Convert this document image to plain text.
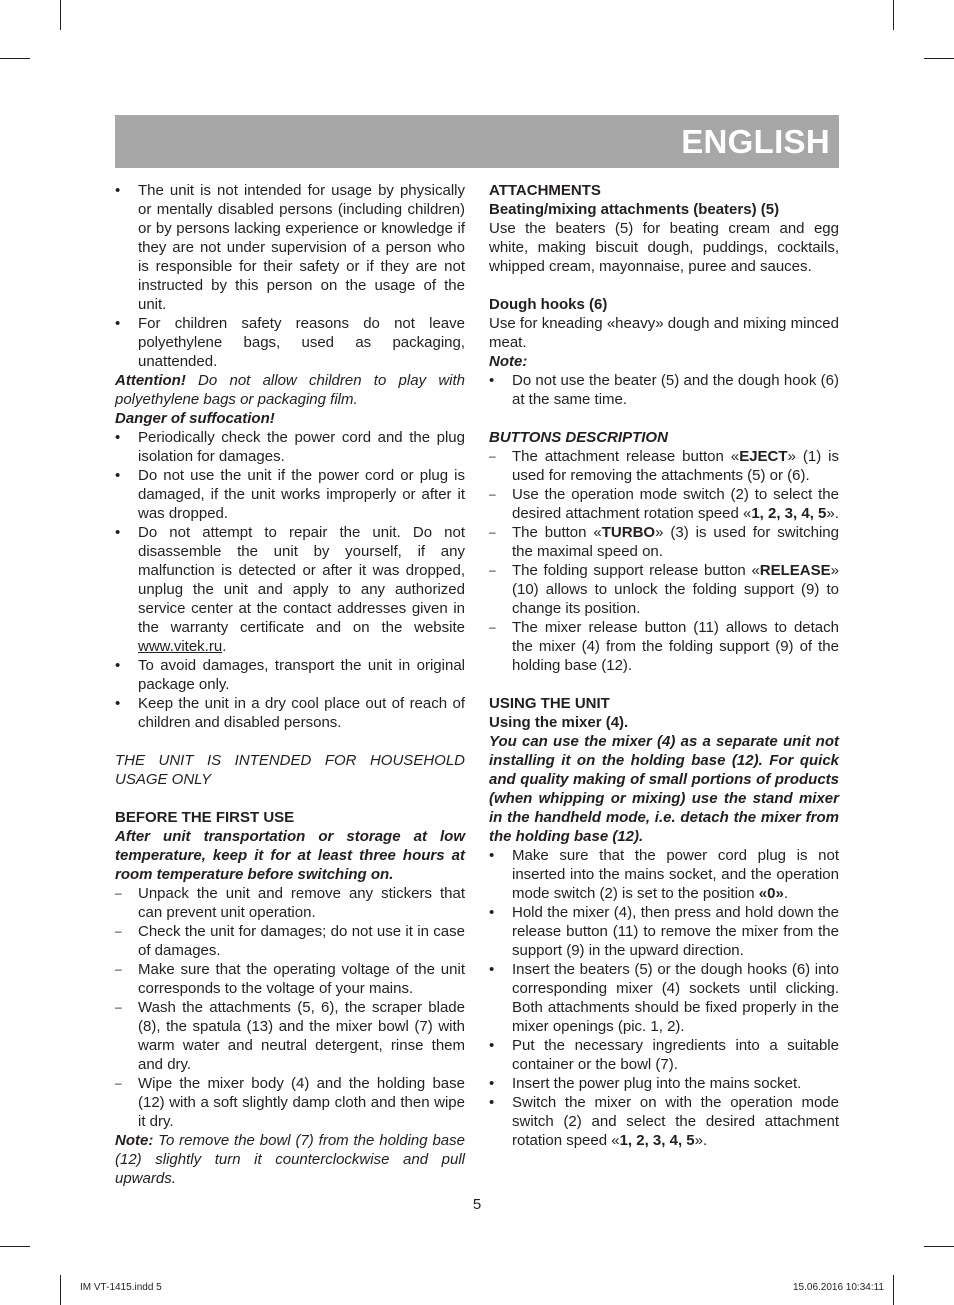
ENGLISH
•	The unit is not intended for usage by physically or mentally disabled persons (including children) or by persons lacking experience or knowledge if they are not under supervision of a person who is responsible for their safety or if they are not instructed by this person on the usage of the unit.
•	For children safety reasons do not leave polyethylene bags, used as packaging, unattended.

Attention! Do not allow children to play with polyethylene bags or packaging film.

Danger of suffocation!

•	Periodically check the power cord and the plug isolation for damages.
•	Do not use the unit if the power cord or plug is damaged, if the unit works improperly or after it was dropped.
•	Do not attempt to repair the unit. Do not disassemble the unit by yourself, if any malfunction is detected or after it was dropped, unplug the unit and apply to any authorized service center at the contact addresses given in the warranty certificate and on the website www.vitek.ru.
•	To avoid damages, transport the unit in original package only.
•	Keep the unit in a dry cool place out of reach of children and disabled persons.

THE UNIT IS INTENDED FOR HOUSEHOLD USAGE ONLY

BEFORE THE FIRST USE

After unit transportation or storage at low temperature, keep it for at least three hours at room temperature before switching on.

–	Unpack the unit and remove any stickers that can prevent unit operation.
–	Check the unit for damages; do not use it in case of damages.
–	Make sure that the operating voltage of the unit corresponds to the voltage of your mains.
–	Wash the attachments (5, 6), the scraper blade (8), the spatula (13) and the mixer bowl (7) with warm water and neutral detergent, rinse them and dry.
–	Wipe the mixer body (4) and the holding base (12) with a soft slightly damp cloth and then wipe it dry.

Note: To remove the bowl (7) from the holding base (12) slightly turn it counterclockwise and pull upwards.

ATTACHMENTS

Beating/mixing attachments (beaters) (5)

Use the beaters (5) for beating cream and egg white, making biscuit dough, puddings, cocktails, whipped cream, mayonnaise, puree and sauces.

Dough hooks (6)

Use for kneading «heavy» dough and mixing minced meat.

Note:

•	Do not use the beater (5) and the dough hook (6) at the same time.

BUTTONS DESCRIPTION

–	The attachment release button «EJECT» (1) is used for removing the attachments (5) or (6).
–	Use the operation mode switch (2) to select the desired attachment rotation speed «1, 2, 3, 4, 5».
–	The button «TURBO» (3) is used for switching the maximal speed on.
–	The folding support release button «RELEASE» (10) allows to unlock the folding support (9) to change its position.
–	The mixer release button (11) allows to detach the mixer (4) from the folding support (9) of the holding base (12).

USING THE UNIT

Using the mixer (4).

You can use the mixer (4) as a separate unit not installing it on the holding base (12). For quick and quality making of small portions of products (when whipping or mixing) use the stand mixer in the handheld mode, i.e. detach the mixer from the holding base (12).

•	Make sure that the power cord plug is not inserted into the mains socket, and the operation mode switch (2) is set to the position «0».
•	Hold the mixer (4), then press and hold down the release button (11) to remove the mixer from the support (9) in the upward direction.
•	Insert the beaters (5) or the dough hooks (6) into corresponding mixer (4) sockets until clicking. Both attachments should be fixed properly in the mixer openings (pic. 1, 2).
•	Put the necessary ingredients into a suitable container or the bowl (7).
•	Insert the power plug into the mains socket.
•	Switch the mixer on with the operation mode switch (2) and select the desired attachment rotation speed «1, 2, 3, 4, 5».
5
IM VT-1415.indd 5	15.06.2016 10:34:11
